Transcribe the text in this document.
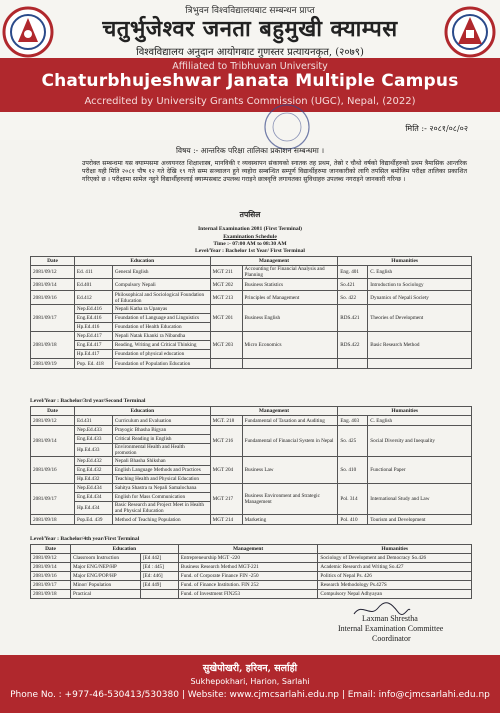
त्रिभुवन विश्वविद्यालयबाट सम्बन्धन प्राप्त
चतुर्भुजेश्वर जनता बहुमुखी क्याम्पस
विश्वविद्यालय अनुदान आयोगबाट गुणस्तर प्रत्यायनकृत, (२०७९)
Affiliated to Tribhuvan University
Chaturbhujeshwar Janata Multiple Campus
Accredited by University Grants Commission (UGC), Nepal, (2022)
मिति :- २०८१/०८/०२
विषय :- आन्तरिक परिक्षा तालिका प्रकाशन सम्बन्धमा ।
उपरोक्त सम्बन्धमा यस क्याम्पसमा अध्ययनरत शिक्षाशास्त्र, मानविकी र व्यवस्थापन संकायको स्नातक तह प्रथम, तेस्रो र चौथो वर्षको विद्यार्थीहरुको प्रथम त्रैमासिक आन्तरिक परीक्षा यही मिति २०८१ पौष १२ गते देखि १९ गते सम्म सञ्चालन हुने व्यहोरा सम्बन्धित सम्पूर्ण विद्यार्थीहरुमा जानकारीको लागि तपसिल बमोजिम परीक्षा तालिका प्रकाशित गरिएको छ । परीक्षामा सामेल नहुने विद्यार्थीहरुलाई क्याम्पसबाट उपलब्ध गराइने छात्रवृत्ति लगायतका सुविधाहरु उपलब्ध नगराइने जानकारी गरिन्छ ।
तपसिल
Internal Examination 2081 (First Terminal)
Examination Schedule
Time :- 07:00 AM to 08:30 AM
Level/Year : Bachelor 1st Year/ First Terminal
Date	Education		Management		Humanities	
2081/09/12	Ed. 411	General English	MGT 211	Accounting for Financial Analysis and Planning	Eng. 401	C. English
2081/09/14	Ed.401	Compulsory Nepali	MGT 202	Business Statistics	So.421	Introduction to Sociology
2081/09/16	Ed.412	Philosophical and Sociological Foundation of Education	MGT 213	Principles of Management	So. 422	Dynamics of Nepali Society
2081/09/17	Nep.Ed.416	Nepali Katha ra Upanyas	MGT 201	Business English	RDS.421	Theories of Development
	Eng.Ed.416	Foundation of Language and Linguistics				
	Hp.Ed.416	Foundation of Health Education				
2081/09/18	Nep.Ed.417	Nepali Natak Ekanki ra Nibandha	MGT 203	Micro Economics	RDS.422	Basic Research Method
	Eng.Ed.417	Reading, Writing and Critical Thinking				
	Hp.Ed.417	Foundation of physical education				
2081/09/19	Pop. Ed. 418	Foundation of Population Education				
Level/Year : Bachelor/3rd year/Second Terminal
Date	Education		Management		Humanities	
2081/09/12	Ed.431	Curriculum and Evaluation	MGT. 218	Fundamental of Taxation and Auditing	Eng. 403	C. English
2081/09/14	Nep.Ed.433	Prayogic Bhasha Bigyan	MGT 216	Fundamental of Financial System in Nepal	So. 425	Social Diversity and Inequality
	Eng.Ed.433	Critical Reading in English				
	Hp.Ed.433	Environmental Health and Health promotion				
2081/09/16	Nep.Ed.432	Nepali Bhasha Shikshan	MGT 204	Business Law	So. 410	Functional Paper
	Eng.Ed.432	English Language Methods and Practices				
	Hp.Ed.432	Teaching Health and Physical Education				
2081/09/17	Nep.Ed.434	Sahitya Shastra ra Nepali Samalochana	MGT 217	Business Environment and Strategic Management	Pol. 314	International Study and Law
	Eng.Ed.434	English for Mass Communication				
	Hp.Ed.434	Basic Research and Project Meet in Health and Physical Education				
2081/09/18	Pop.Ed. 439	Method of Teaching Population	MGT 214	Marketing	Pol. 410	Tourism and Development
Level/Year : Bachelor/4th year/First Terminal
Date	Education		Management	Humanities
2081/09/12	Classroom Instruction	[Ed 442]	Entrepreneurship MGT -220	Sociology of Development and Democracy So.426
2081/09/14	Major ENG/NEP/HP	[Ed : 445]	Business Research Method MGT-221	Academic Research and Writing So.427
2081/09/16	Major ENG/POP/HP	[Ed: 446]	Fund. of Corporate Finance FIN -250	Politics of Nepal Ps. 426
2081/09/17	Minor/ Population	[Ed 449]	Fund. of Finance Institution. FIN 252	Research Methodology Ps.427S
2081/09/18	Practical		Fund. of Investment FIN253	Compulsory Nepal Adhyayan
Laxman Shrestha
Internal Examination Committee
Coordinator
सुखेपोखरी, हरिवन, सर्लाही
Sukhepokhari, Harion, Sarlahi
Phone No. : +977-46-530413/530380 | Website: www.cjmcsarlahi.edu.np | Email: info@cjmcsarlahi.edu.np
